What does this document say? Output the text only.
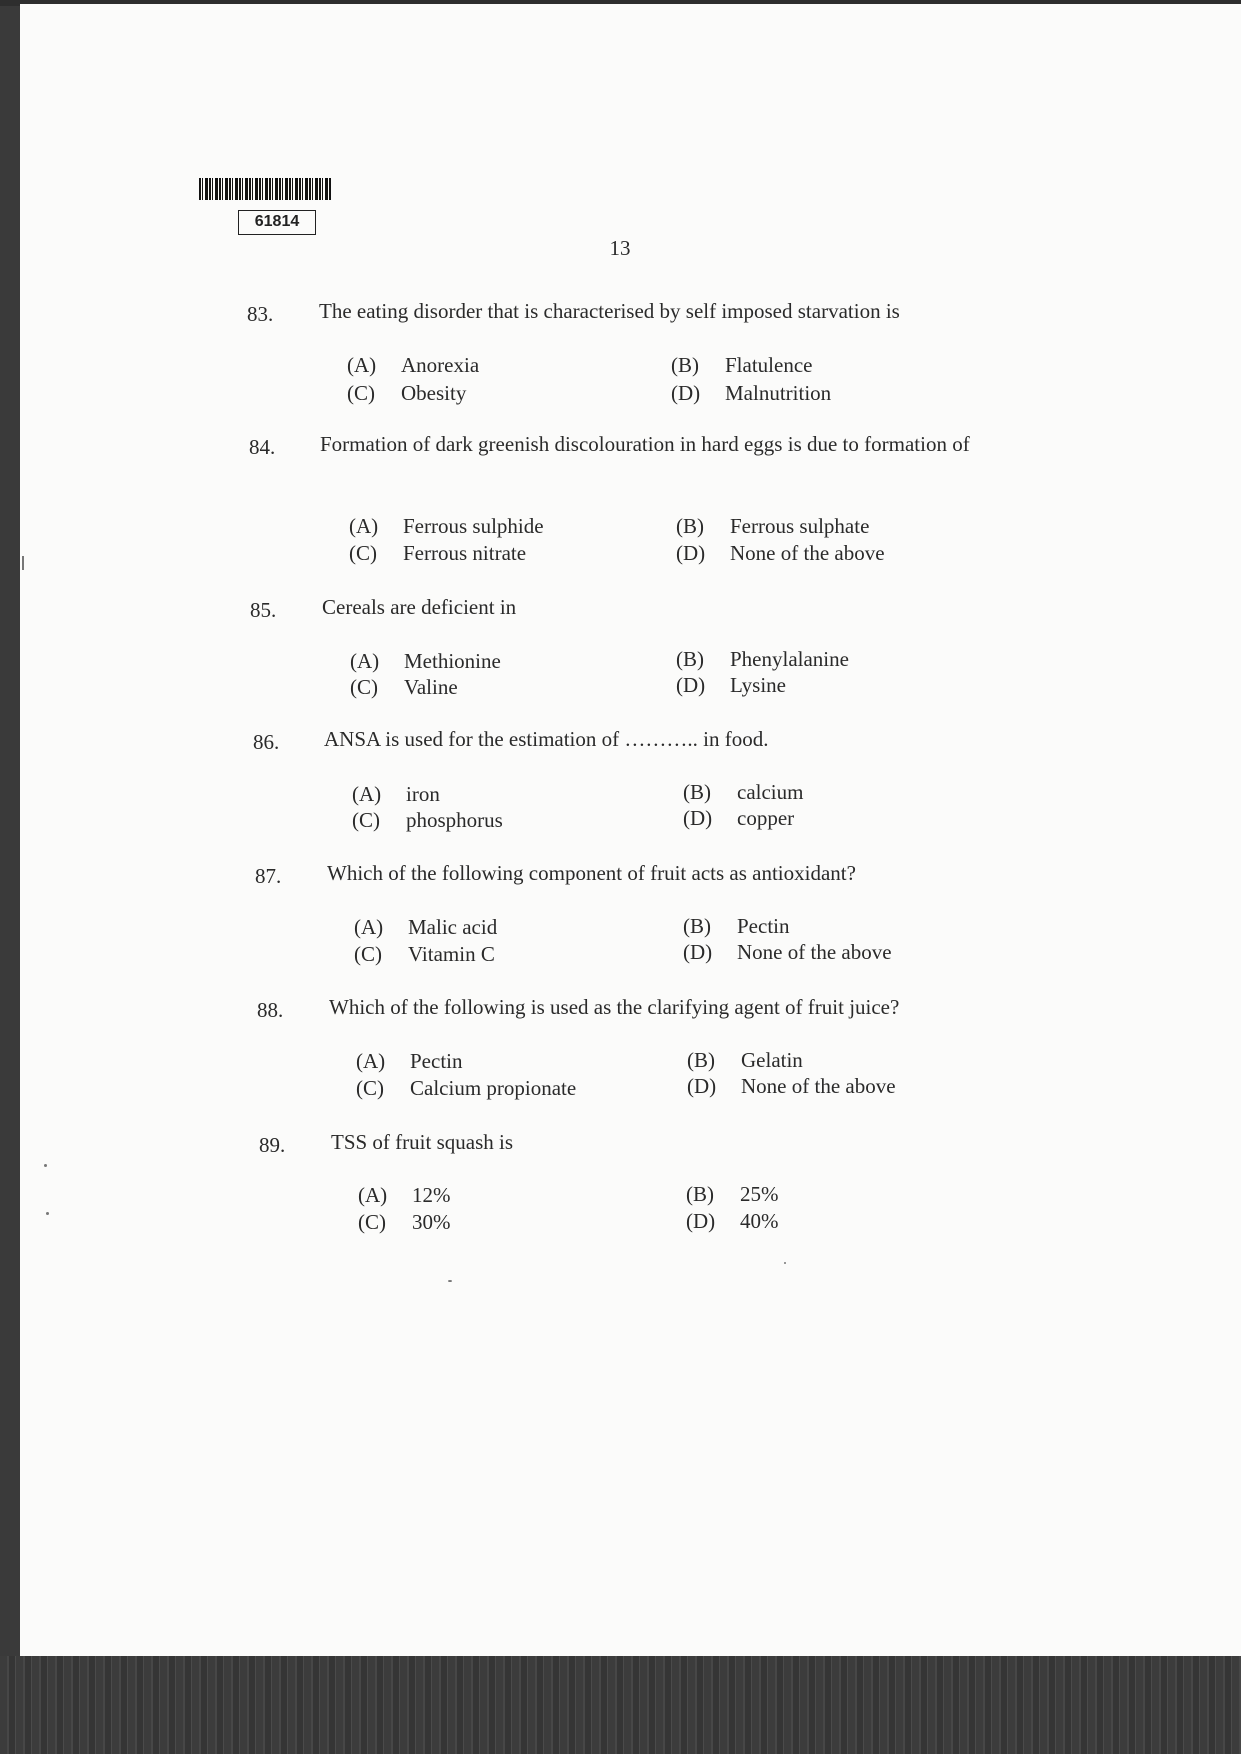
61814
13
83. The eating disorder that is characterised by self imposed starvation is
(A) Anorexia	(B) Flatulence
(C) Obesity	(D) Malnutrition
84. Formation of dark greenish discolouration in hard eggs is due to formation of
(A) Ferrous sulphide	(B) Ferrous sulphate
(C) Ferrous nitrate	(D) None of the above
85. Cereals are deficient in
(A) Methionine	(B) Phenylalanine
(C) Valine	(D) Lysine
86. ANSA is used for the estimation of ……….. in food.
(A) iron	(B) calcium
(C) phosphorus	(D) copper
87. Which of the following component of fruit acts as antioxidant?
(A) Malic acid	(B) Pectin
(C) Vitamin C	(D) None of the above
88. Which of the following is used as the clarifying agent of fruit juice?
(A) Pectin	(B) Gelatin
(C) Calcium propionate	(D) None of the above
89. TSS of fruit squash is
(A) 12%	(B) 25%
(C) 30%	(D) 40%
